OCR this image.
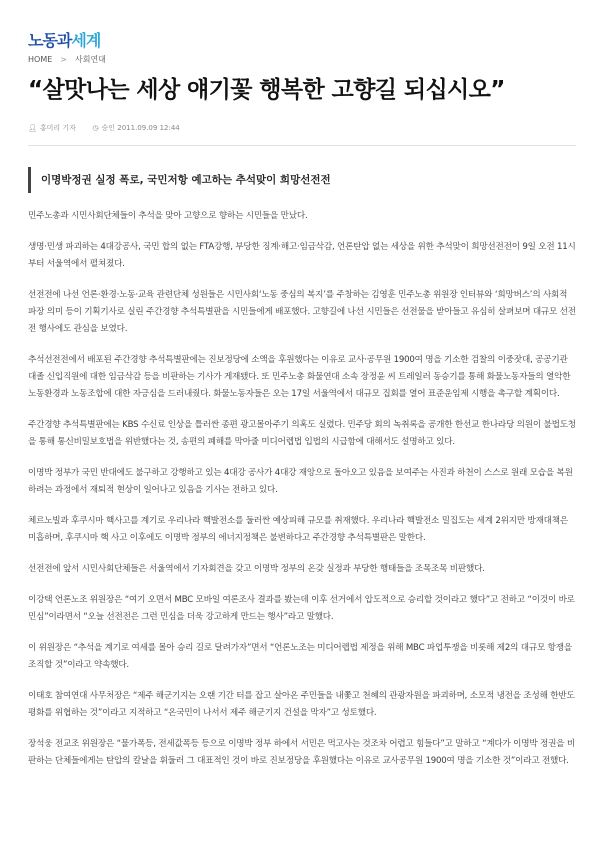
노동과세계
HOME > 사회연대
“살맛나는 세상 얘기꽃 행복한 고향길 되십시오”
👤︎ 홍미리 기자 ◷ 승인 2011.09.09 12:44
이명박정권 실정 폭로, 국민저항 예고하는 추석맞이 희망선전전

민주노총과 시민사회단체들이 추석을 맞아 고향으로 향하는 시민들을 만났다.

생명·민생 파괴하는 4대강공사, 국민 합의 없는 FTA강행, 부당한 징계·해고·임금삭감, 언론탄압 없는 세상을 위한 추석맞이 희망선전전이 9일 오전 11시부터 서울역에서 펼쳐졌다.

선전전에 나선 언론·환경·노동·교육 관련단체 성원들은 시민사회‘노동 중심의 복지’를 주창하는 김영훈 민주노총 위원장 인터뷰와 ‘희망버스’의 사회적 파장 의미 등이 기획기사로 실린 주간경향 추석특별판을 시민들에게 배포했다. 고향길에 나선 시민들은 선전물을 받아들고 유심히 살펴보며 대규모 선전전 행사에도 관심을 보였다.

추석선전전에서 배포된 주간경향 추석특별판에는 진보정당에 소액을 후원했다는 이유로 교사·공무원 1900여 명을 기소한 검찰의 이중잣대, 공공기관 대졸 신입직원에 대한 임금삭감 등을 비판하는 기사가 게재됐다. 또 민주노총 화물연대 소속 장정윤 씨 트레일러 동승기를 통해 화물노동자들의 열악한 노동환경과 노동조합에 대한 자긍심을 드러내줬다. 화물노동자들은 오는 17일 서울역에서 대규모 집회를 열어 표준운임제 시행을 촉구할 계획이다.

주간경향 추석특별판에는 KBS 수신료 인상을 틀러싼 종편 광고몰아주기 의혹도 실렸다. 민주당 회의 녹취록을 공개한 한선교 한나라당 의원이 불법도청을 통해 통신비밀보호법을 위반했다는 것, 송편의 폐해를 막아줄 미디어렙법 입법의 시급함에 대해서도 설명하고 있다.

이명박 정부가 국민 반대에도 불구하고 강행하고 있는 4대강 공사가 4대강 재앙으로 돌아오고 있음을 보여주는 사진과 하천이 스스로 원래 모습을 복원하려는 과정에서 재퇴적 현상이 일어나고 있음을 기사는 전하고 있다.

체르노빌과 후쿠시마 핵사고를 계기로 우리나라 핵발전소를 둘러싼 예상피해 규모를 취재했다. 우리나라 핵발전소 밀집도는 세계 2위지만 방재대책은 미흡하며, 후쿠시마 핵 사고 이후에도 이명박 정부의 에너지정책은 불변하다고 주간경향 추석특별판은 말한다.

선전전에 앞서 시민사회단체들은 서울역에서 기자회견을 갖고 이명박 정부의 온갖 실정과 부당한 행태들을 조목조목 비판했다.

이강택 언론노조 위원장은 “여기 오면서 MBC 모바일 여론조사 결과를 봤는데 이후 선거에서 압도적으로 승리할 것이라고 했다”고 전하고 “이것이 바로 민심”이라면서 “오늘 선전전은 그런 민심을 더욱 강고하게 만드는 행사”라고 말했다.

이 위원장은 “추석을 계기로 여세를 몰아 승리 길로 달려가자”면서 “언론노조는 미디어렙법 제정을 위해 MBC 파업투쟁을 비롯해 제2의 대규모 항쟁을 조직할 것”이라고 약속했다.

이태호 참여연대 사무처장은 “제주 해군기지는 오랜 기간 터를 잡고 살아온 주민들을 내쫓고 천혜의 관광자원을 파괴하며, 소모적 냉전을 조성해 한반도 평화를 위협하는 것”이라고 지적하고 “온국민이 나서서 제주 해군기지 건설을 막자”고 성토했다.

장석웅 전교조 위원장은 “물가폭등, 전세값폭등 등으로 이명박 정부 하에서 서민은 먹고사는 것조차 어렵고 힘들다”고 말하고 “계다가 이명박 정권을 비판하는 단체들에게는 탄압의 칼날을 휘둘러 그 대표적인 것이 바로 진보정당을 후원했다는 이유로 교사공무원 1900여 명을 기소한 것”이라고 전했다.
